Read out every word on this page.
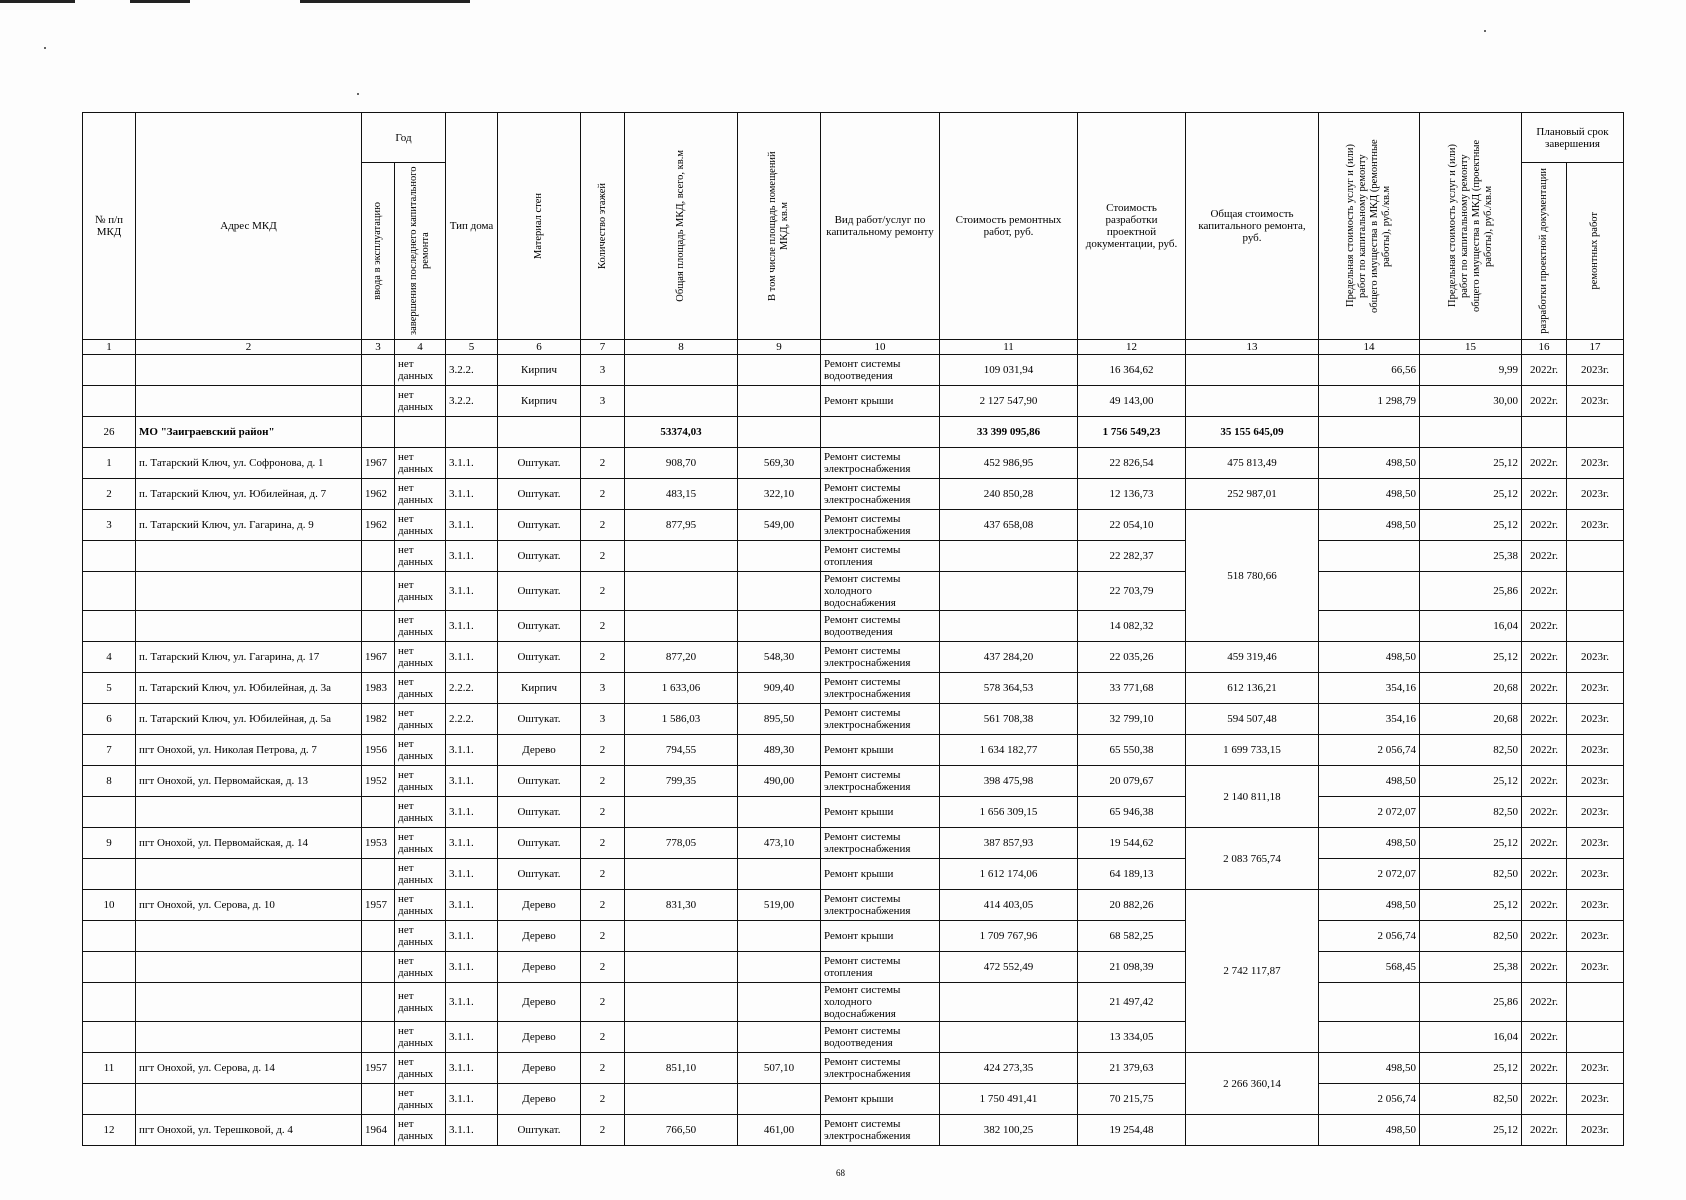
№ п/п МКД	Адрес МКД	Год		Тип дома	Материал стен	Количество этажей	Общая площадь МКД, всего, кв.м	В том числе площадь помещений МКД, кв.м	Вид работ/услуг по капитальному ремонту	Стоимость ремонтных работ, руб.	Стоимость разработки проектной документации, руб.	Общая стоимость капитального ремонта, руб.	Предельная стоимость услуг и (или) работ по капитальному ремонту общего имущества в МКД (ремонтные работы), руб./кв.м	Предельная стоимость услуг и (или) работ по капитальному ремонту общего имущества в МКД (проектные работы), руб./кв.м	Плановый срок завершения	

		ввода в эксплуатацию	завершения последнего капитального ремонта												разработки проектной документации	ремонтных работ

1	2	3	4	5	6	7	8	9	10	11	12	13	14	15	16	17
			нет данных	3.2.2.	Кирпич	3			Ремонт системы водоотведения	109 031,94	16 364,62		66,56	9,99	2022г.	2023г.
			нет данных	3.2.2.	Кирпич	3			Ремонт крыши	2 127 547,90	49 143,00		1 298,79	30,00	2022г.	2023г.
26	МО "Заиграевский район"						53374,03			33 399 095,86	1 756 549,23	35 155 645,09				
1	п. Татарский Ключ, ул. Софронова, д. 1	1967	нет данных	3.1.1.	Оштукат.	2	908,70	569,30	Ремонт системы электроснабжения	452 986,95	22 826,54	475 813,49	498,50	25,12	2022г.	2023г.
2	п. Татарский Ключ, ул. Юбилейная, д. 7	1962	нет данных	3.1.1.	Оштукат.	2	483,15	322,10	Ремонт системы электроснабжения	240 850,28	12 136,73	252 987,01	498,50	25,12	2022г.	2023г.
3	п. Татарский Ключ, ул. Гагарина, д. 9	1962	нет данных	3.1.1.	Оштукат.	2	877,95	549,00	Ремонт системы электроснабжения	437 658,08	22 054,10	518 780,66	498,50	25,12	2022г.	2023г.
			нет данных	3.1.1.	Оштукат.	2			Ремонт системы отопления		22 282,37			25,38	2022г.	
			нет данных	3.1.1.	Оштукат.	2			Ремонт системы холодного водоснабжения		22 703,79			25,86	2022г.	
			нет данных	3.1.1.	Оштукат.	2			Ремонт системы водоотведения		14 082,32			16,04	2022г.	
4	п. Татарский Ключ, ул. Гагарина, д. 17	1967	нет данных	3.1.1.	Оштукат.	2	877,20	548,30	Ремонт системы электроснабжения	437 284,20	22 035,26	459 319,46	498,50	25,12	2022г.	2023г.
5	п. Татарский Ключ, ул. Юбилейная, д. 3а	1983	нет данных	2.2.2.	Кирпич	3	1 633,06	909,40	Ремонт системы электроснабжения	578 364,53	33 771,68	612 136,21	354,16	20,68	2022г.	2023г.
6	п. Татарский Ключ, ул. Юбилейная, д. 5а	1982	нет данных	2.2.2.	Оштукат.	3	1 586,03	895,50	Ремонт системы электроснабжения	561 708,38	32 799,10	594 507,48	354,16	20,68	2022г.	2023г.
7	пгт Онохой, ул. Николая Петрова, д. 7	1956	нет данных	3.1.1.	Дерево	2	794,55	489,30	Ремонт крыши	1 634 182,77	65 550,38	1 699 733,15	2 056,74	82,50	2022г.	2023г.
8	пгт Онохой, ул. Первомайская, д. 13	1952	нет данных	3.1.1.	Оштукат.	2	799,35	490,00	Ремонт системы электроснабжения	398 475,98	20 079,67	2 140 811,18	498,50	25,12	2022г.	2023г.
			нет данных	3.1.1.	Оштукат.	2			Ремонт крыши	1 656 309,15	65 946,38		2 072,07	82,50	2022г.	2023г.
9	пгт Онохой, ул. Первомайская, д. 14	1953	нет данных	3.1.1.	Оштукат.	2	778,05	473,10	Ремонт системы электроснабжения	387 857,93	19 544,62	2 083 765,74	498,50	25,12	2022г.	2023г.
			нет данных	3.1.1.	Оштукат.	2			Ремонт крыши	1 612 174,06	64 189,13		2 072,07	82,50	2022г.	2023г.
10	пгт Онохой, ул. Серова, д. 10	1957	нет данных	3.1.1.	Дерево	2	831,30	519,00	Ремонт системы электроснабжения	414 403,05	20 882,26	2 742 117,87	498,50	25,12	2022г.	2023г.
			нет данных	3.1.1.	Дерево	2			Ремонт крыши	1 709 767,96	68 582,25		2 056,74	82,50	2022г.	2023г.
			нет данных	3.1.1.	Дерево	2			Ремонт системы отопления	472 552,49	21 098,39		568,45	25,38	2022г.	2023г.
			нет данных	3.1.1.	Дерево	2			Ремонт системы холодного водоснабжения		21 497,42			25,86	2022г.	
			нет данных	3.1.1.	Дерево	2			Ремонт системы водоотведения		13 334,05			16,04	2022г.	
11	пгт Онохой, ул. Серова, д. 14	1957	нет данных	3.1.1.	Дерево	2	851,10	507,10	Ремонт системы электроснабжения	424 273,35	21 379,63	2 266 360,14	498,50	25,12	2022г.	2023г.
			нет данных	3.1.1.	Дерево	2			Ремонт крыши	1 750 491,41	70 215,75		2 056,74	82,50	2022г.	2023г.
12	пгт Онохой, ул. Терешковой, д. 4	1964	нет данных	3.1.1.	Оштукат.	2	766,50	461,00	Ремонт системы электроснабжения	382 100,25	19 254,48		498,50	25,12	2022г.	2023г.
68
